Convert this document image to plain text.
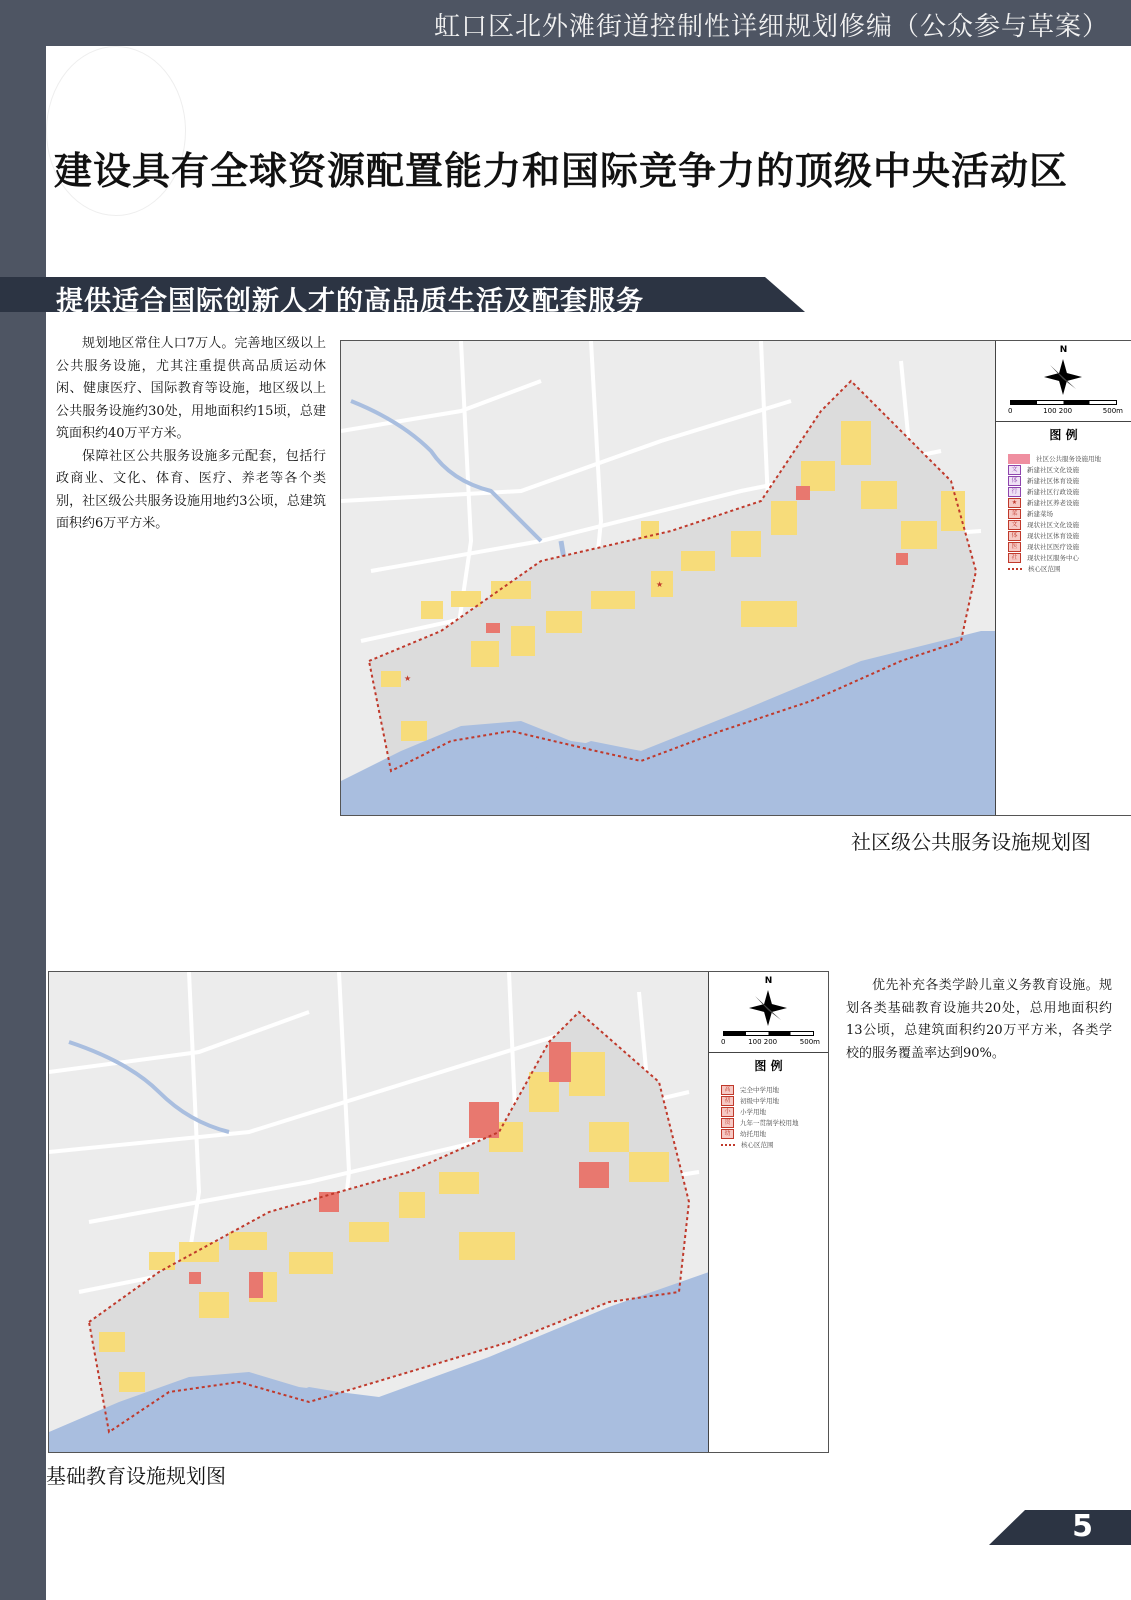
虹口区北外滩街道控制性详细规划修编（公众参与草案）
建设具有全球资源配置能力和国际竞争力的顶级中央活动区
提供适合国际创新人才的高品质生活及配套服务

规划地区常住人口7万人。完善地区级以上公共服务设施，尤其注重提供高品质运动休闲、健康医疗、国际教育等设施，地区级以上公共服务设施约30处，用地面积约15顷，总建筑面积约40万平方米。

保障社区公共服务设施多元配套，包括行政商业、文化、体育、医疗、养老等各个类别，社区级公共服务设施用地约3公顷，总建筑面积约6万平方米。

★
★
N
0	100 200	500m
图 例
社区公共服务设施用地
文	新建社区文化设施
体	新建社区体育设施
行	新建社区行政设施
★	新建社区养老设施
菜	新建菜场
文	现状社区文化设施
体	现状社区体育设施
医	现状社区医疗设施
社	现状社区服务中心
核心区范围
社区级公共服务设施规划图
N
0	100 200	500m
图 例
高	完全中学用地
初	初级中学用地
小	小学用地
贯	九年一贯制学校用地
幼	幼托用地
核心区范围

优先补充各类学龄儿童义务教育设施。规划各类基础教育设施共20处，总用地面积约13公顷，总建筑面积约20万平方米，各类学校的服务覆盖率达到90%。

基础教育设施规划图
5
